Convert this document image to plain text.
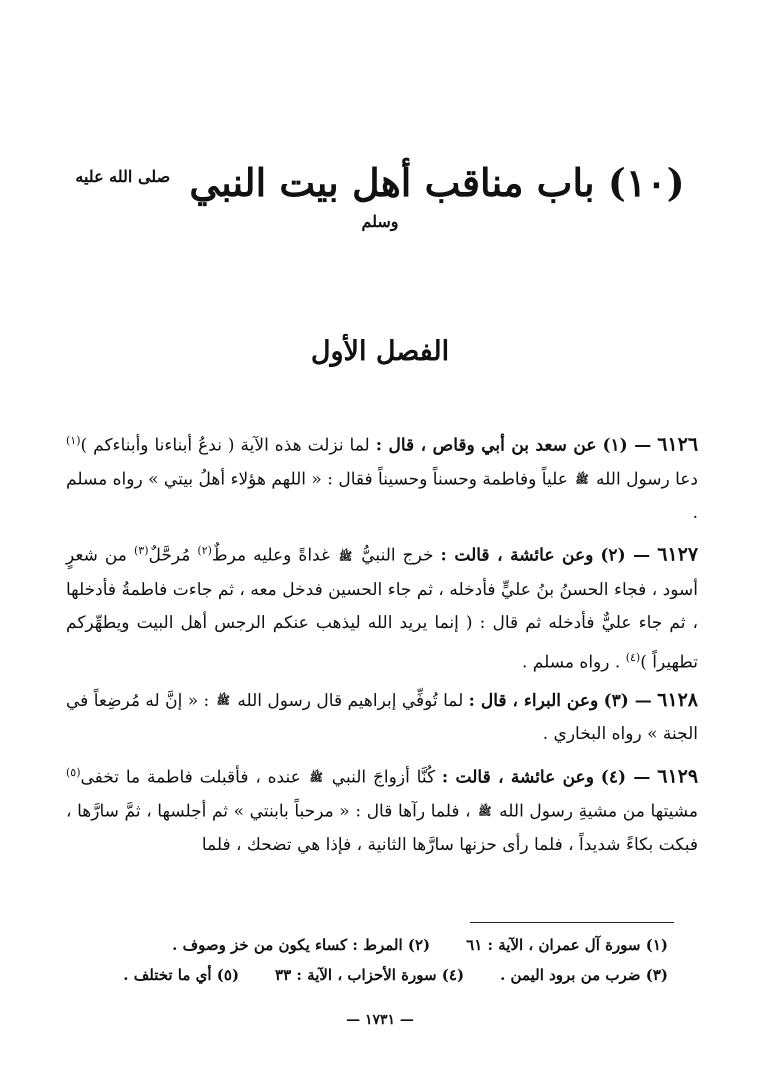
(١٠) باب مناقب أهل بيت النبي $^{صلى الله عليه وسلم}$
الفصل الأول

٦١٢٦ — (١) عن سعد بن أبي وقاص ، قال : لما نزلت هذه الآية ( ندعُ أبناءنا وأبناءكم )$^{(١)}$ دعا رسول الله ﷺ علياً وفاطمة وحسناً وحسيناً فقال : « اللهم هؤلاء أهلُ بيتي » رواه مسلم .

٦١٢٧ — (٢) وعن عائشة ، قالت : خرج النبيُّ ﷺ غداةً وعليه مرطٌ$^{(٢)}$ مُرحَّلٌ$^{(٣)}$ من شعرٍ أسود ، فجاء الحسنُ بنُ عليٍّ فأدخله ، ثم جاء الحسين فدخل معه ، ثم جاءت فاطمةُ فأدخلها ، ثم جاء عليٌّ فأدخله ثم قال : ( إنما يريد الله ليذهب عنكم الرجس أهل البيت ويطهِّركم تطهيراً )$^{(٤)}$ . رواه مسلم .

٦١٢٨ — (٣) وعن البراء ، قال : لما تُوفِّي إبراهيم قال رسول الله ﷺ : « إنَّ له مُرضِعاً في الجنة » رواه البخاري .

٦١٢٩ — (٤) وعن عائشة ، قالت : كُنَّا أزواجَ النبي ﷺ عنده ، فأقبلت فاطمة ما تخفى$^{(٥)}$ مشيتها من مشيةِ رسول الله ﷺ ، فلما رآها قال : « مرحباً بابنتي » ثم أجلسها ، ثمَّ سارَّها ، فبكت بكاءً شديداً ، فلما رأى حزنها سارَّها الثانية ، فإذا هي تضحك ، فلما

(١) سورة آل عمران ، الآية : ٦١
(٢) المرط : كساء يكون من خز وصوف .
(٣) ضرب من برود اليمن .
(٤) سورة الأحزاب ، الآية : ٣٣
(٥) أي ما تختلف .
— ١٧٣١ —
